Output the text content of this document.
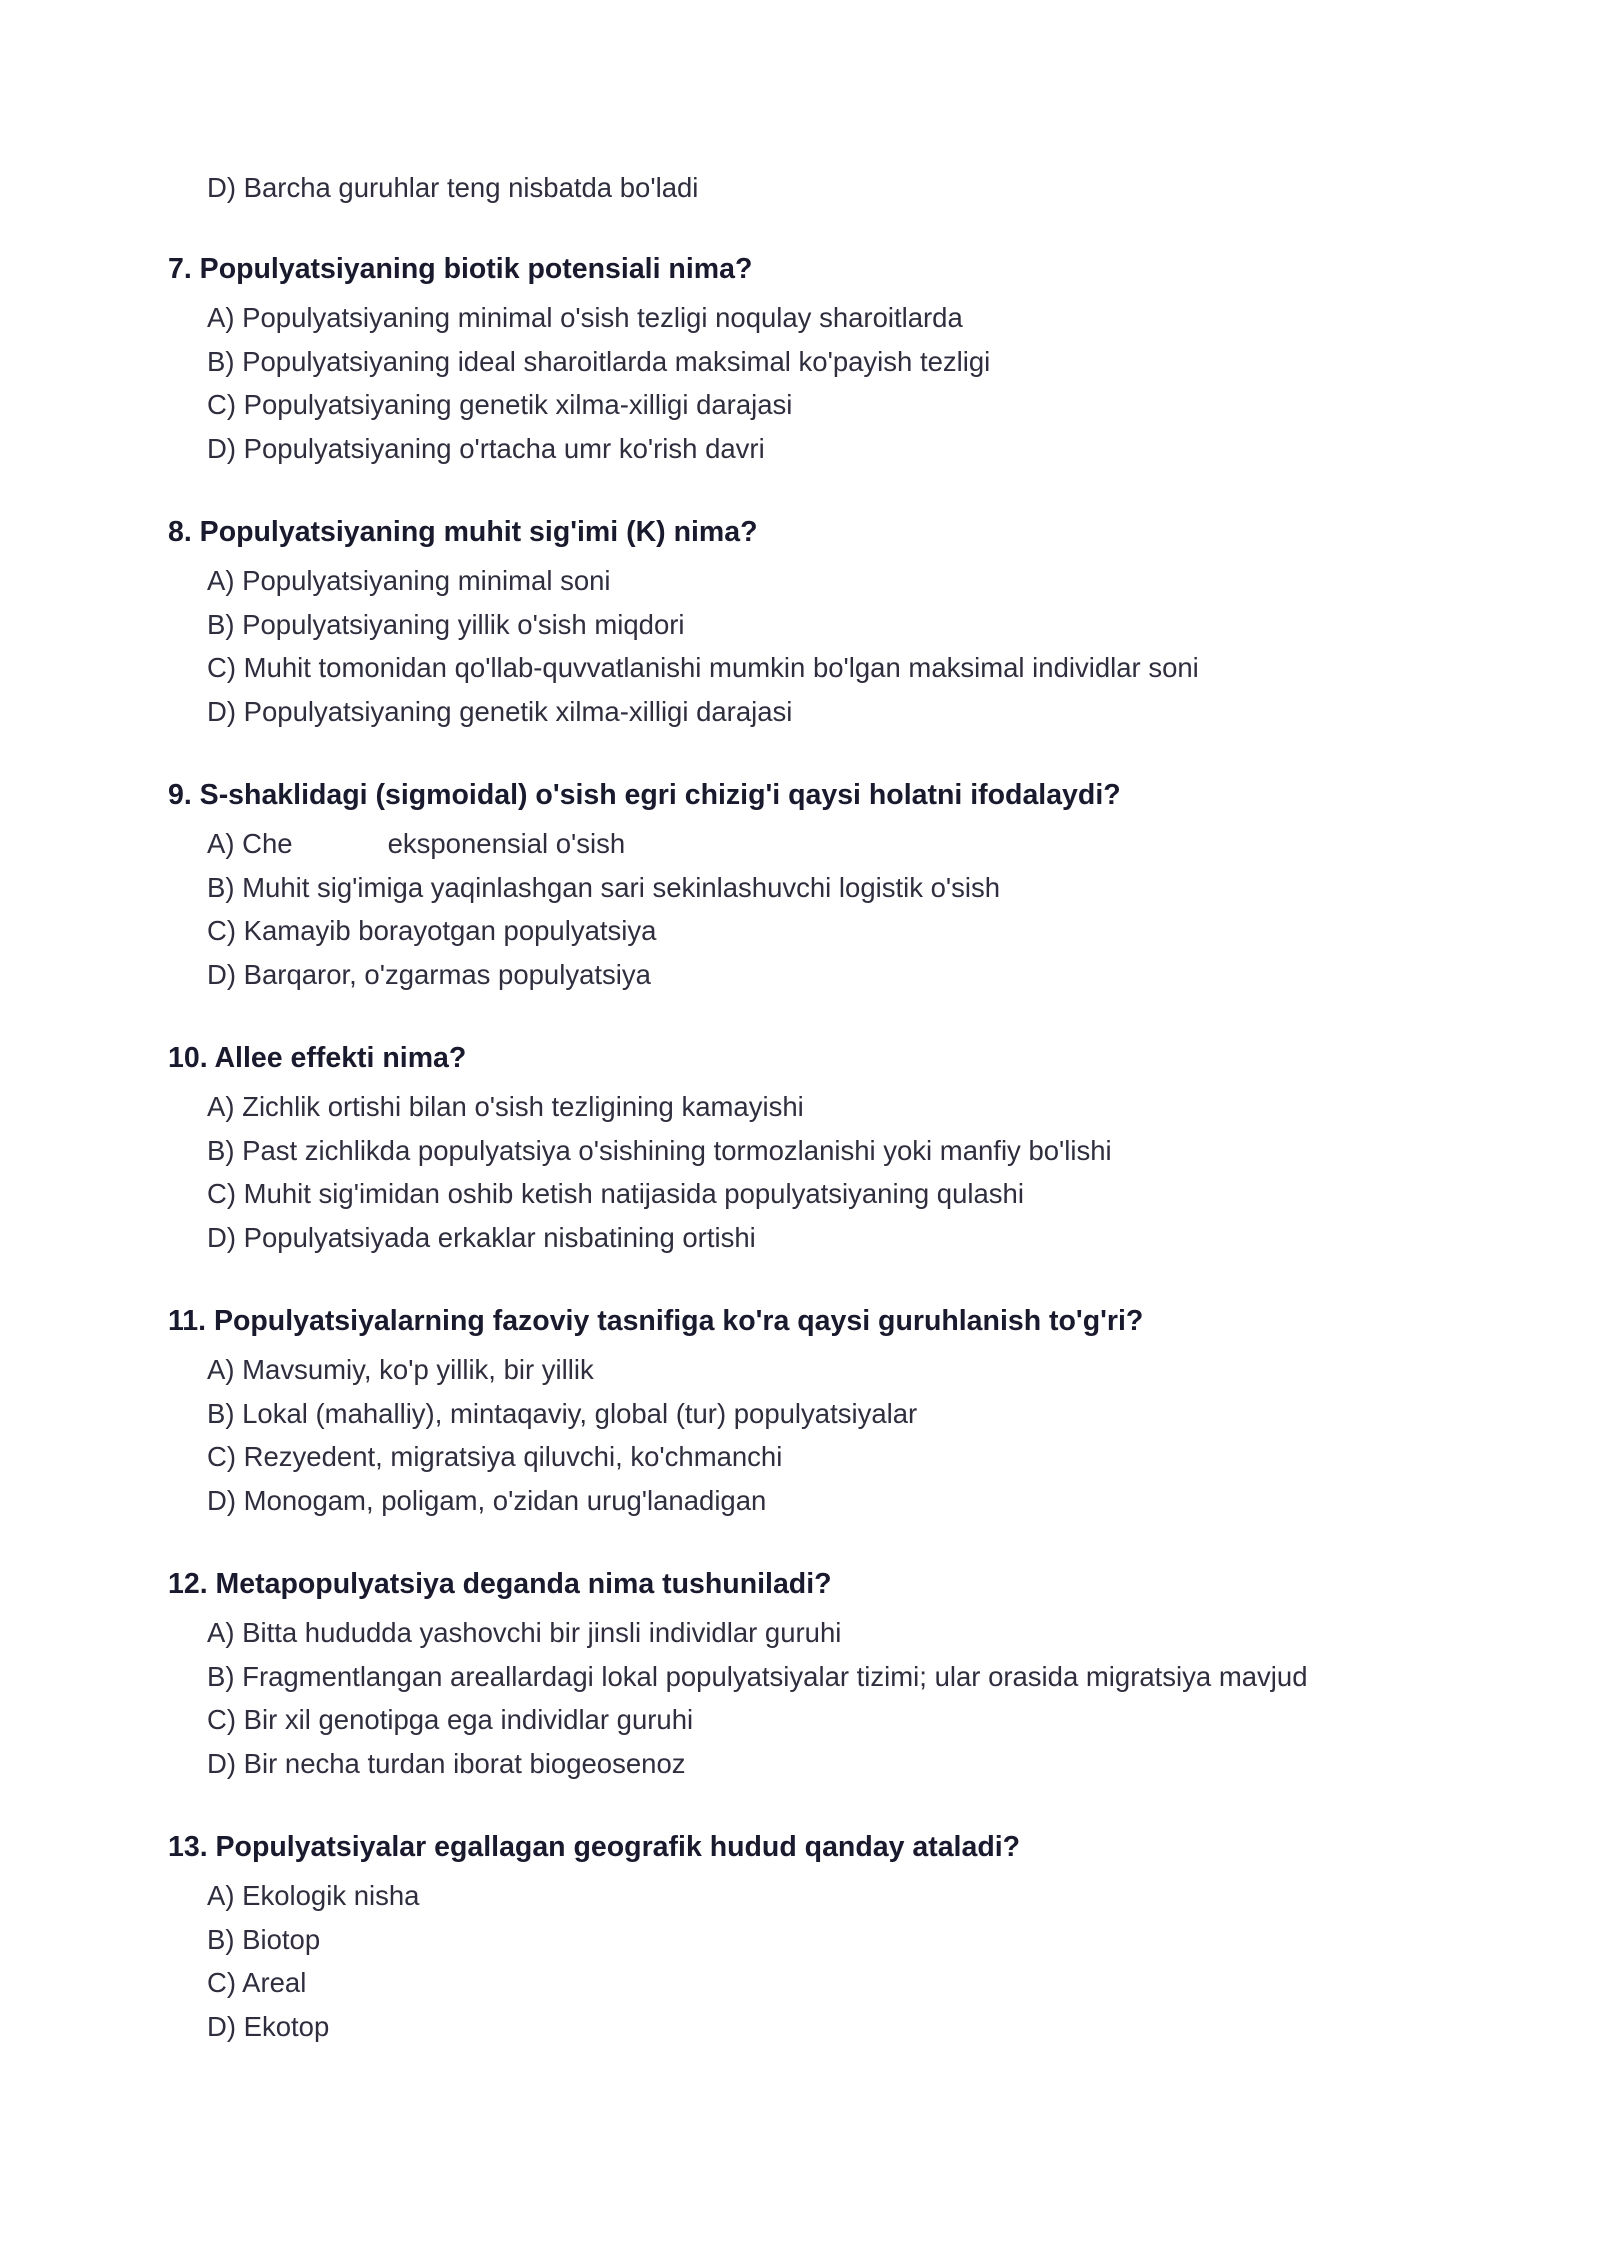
D) Barcha guruhlar teng nisbatda bo'ladi
7. Populyatsiyaning biotik potensiali nima?
A) Populyatsiyaning minimal o'sish tezligi noqulay sharoitlarda
B) Populyatsiyaning ideal sharoitlarda maksimal ko'payish tezligi
C) Populyatsiyaning genetik xilma-xilligi darajasi
D) Populyatsiyaning o'rtacha umr ko'rish davri
8. Populyatsiyaning muhit sig'imi (K) nima?
A) Populyatsiyaning minimal soni
B) Populyatsiyaning yillik o'sish miqdori
C) Muhit tomonidan qo'llab-quvvatlanishi mumkin bo'lgan maksimal individlar soni
D) Populyatsiyaning genetik xilma-xilligi darajasi
9. S-shaklidagi (sigmoidal) o'sish egri chizig'i qaysi holatni ifodalaydi?
A) Che	eksponensial o'sish
B) Muhit sig'imiga yaqinlashgan sari sekinlashuvchi logistik o'sish
C) Kamayib borayotgan populyatsiya
D) Barqaror, o'zgarmas populyatsiya
10. Allee effekti nima?
A) Zichlik ortishi bilan o'sish tezligining kamayishi
B) Past zichlikda populyatsiya o'sishining tormozlanishi yoki manfiy bo'lishi
C) Muhit sig'imidan oshib ketish natijasida populyatsiyaning qulashi
D) Populyatsiyada erkaklar nisbatining ortishi
11. Populyatsiyalarning fazoviy tasnifiga ko'ra qaysi guruhlanish to'g'ri?
A) Mavsumiy, ko'p yillik, bir yillik
B) Lokal (mahalliy), mintaqaviy, global (tur) populyatsiyalar
C) Rezyedent, migratsiya qiluvchi, ko'chmanchi
D) Monogam, poligam, o'zidan urug'lanadigan
12. Metapopulyatsiya deganda nima tushuniladi?
A) Bitta hududda yashovchi bir jinsli individlar guruhi
B) Fragmentlangan areallardagi lokal populyatsiyalar tizimi; ular orasida migratsiya mavjud
C) Bir xil genotipga ega individlar guruhi
D) Bir necha turdan iborat biogeosenoz
13. Populyatsiyalar egallagan geografik hudud qanday ataladi?
A) Ekologik nisha
B) Biotop
C) Areal
D) Ekotop
